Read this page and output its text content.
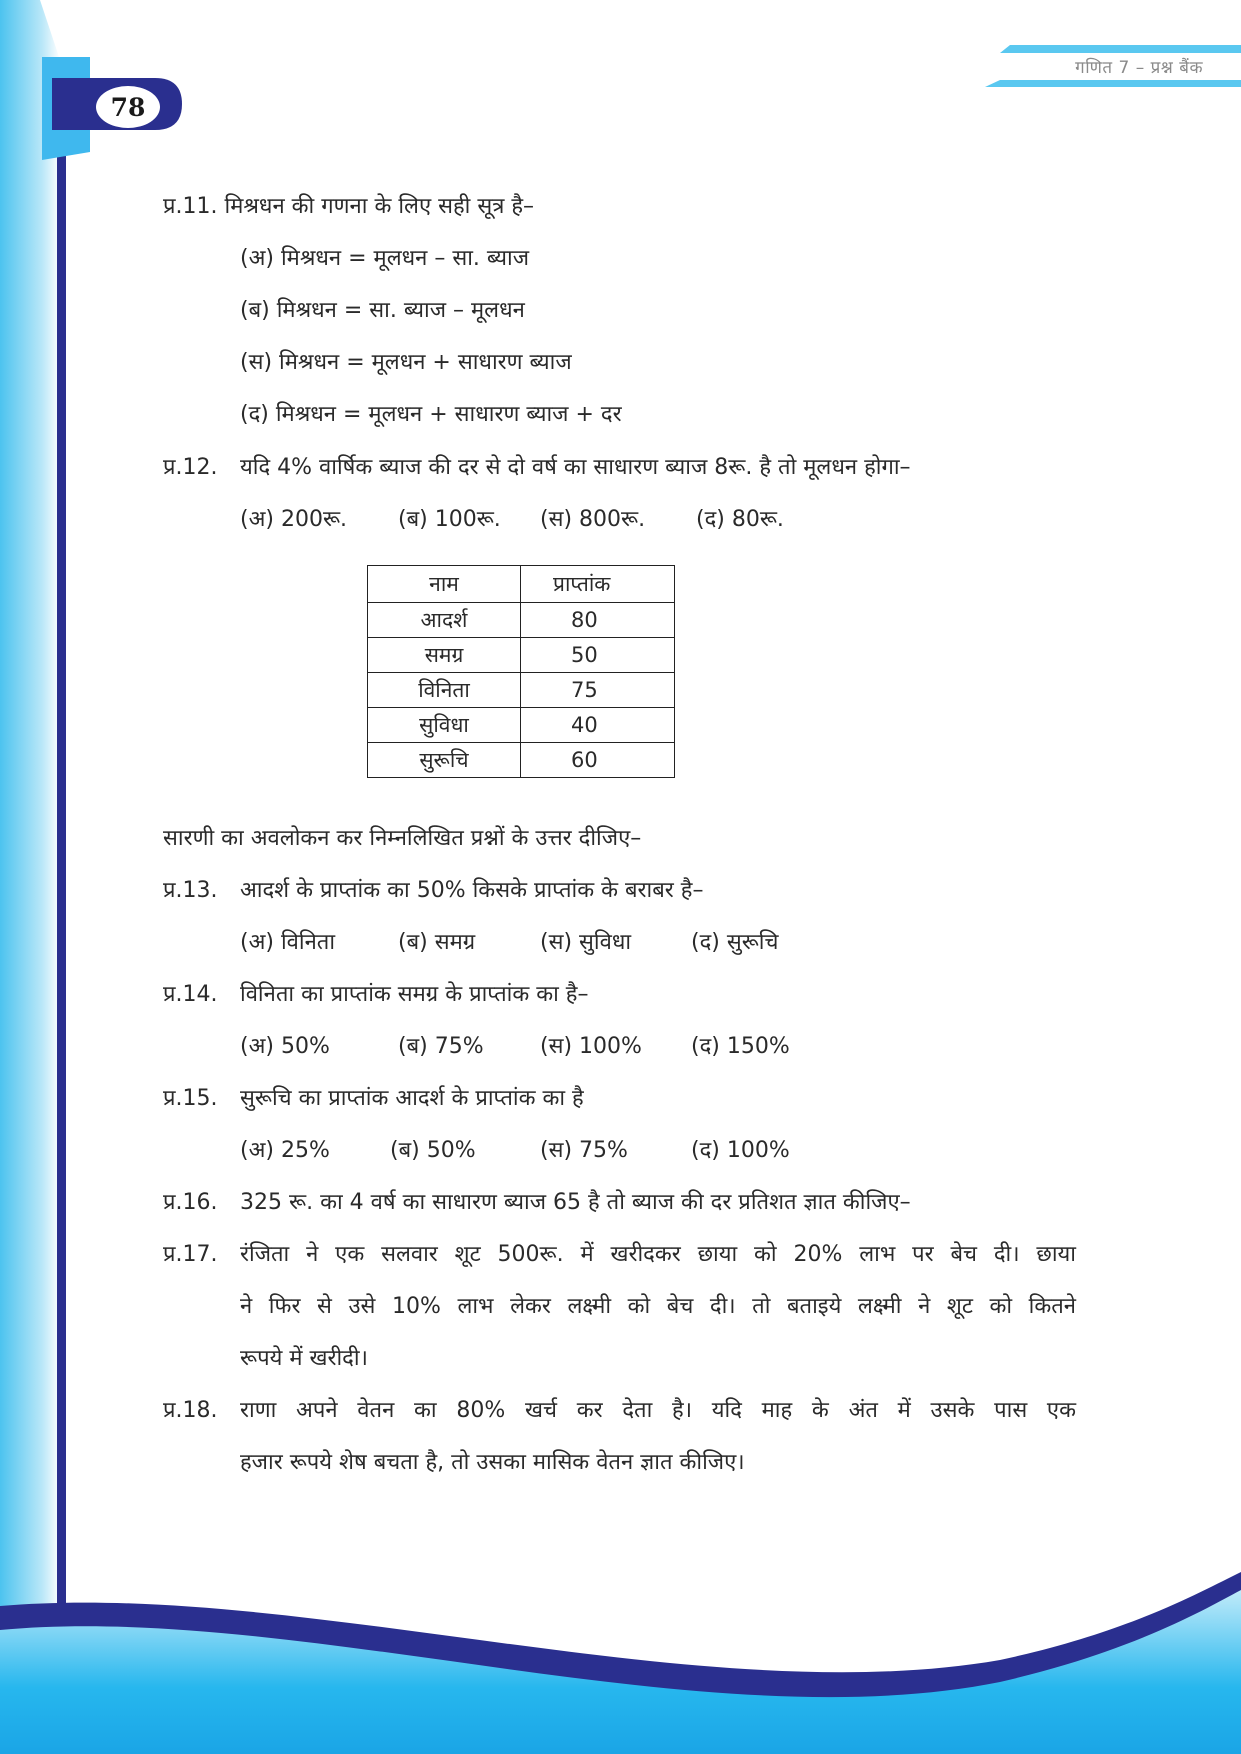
गणित 7 – प्रश्न बैंक
78
प्र.11. मिश्रधन की गणना के लिए सही सूत्र है–
(अ) मिश्रधन = मूलधन – सा. ब्याज
(ब) मिश्रधन = सा. ब्याज – मूलधन
(स) मिश्रधन = मूलधन + साधारण ब्याज
(द) मिश्रधन = मूलधन + साधारण ब्याज + दर
प्र.12. यदि 4% वार्षिक ब्याज की दर से दो वर्ष का साधारण ब्याज 8रू. है तो मूलधन होगा–
(अ) 200रू. (ब) 100रू. (स) 800रू. (द) 80रू.
नाम	प्राप्तांक
आदर्श	80
समग्र	50
विनिता	75
सुविधा	40
सुरूचि	60
सारणी का अवलोकन कर निम्नलिखित प्रश्नों के उत्तर दीजिए–
प्र.13. आदर्श के प्राप्तांक का 50% किसके प्राप्तांक के बराबर है–
(अ) विनिता	(ब) समग्र	(स) सुविधा	(द) सुरूचि
प्र.14. विनिता का प्राप्तांक समग्र के प्राप्तांक का है–
(अ) 50%	(ब) 75%	(स) 100% (द) 150%
प्र.15. सुरूचि का प्राप्तांक आदर्श के प्राप्तांक का है
(अ) 25%	(ब) 50%	(स) 75%	(द) 100%
प्र.16. 325 रू. का 4 वर्ष का साधारण ब्याज 65 है तो ब्याज की दर प्रतिशत ज्ञात कीजिए–
प्र.17. रंजिता ने एक सलवार शूट 500रू. में खरीदकर छाया को 20% लाभ पर बेच दी। छाया
ने फिर से उसे 10% लाभ लेकर लक्ष्मी को बेच दी। तो बताइये लक्ष्मी ने शूट को कितने
रूपये में खरीदी।
प्र.18. राणा अपने वेतन का 80% खर्च कर देता है। यदि माह के अंत में उसके पास एक
हजार रूपये शेष बचता है, तो उसका मासिक वेतन ज्ञात कीजिए।
